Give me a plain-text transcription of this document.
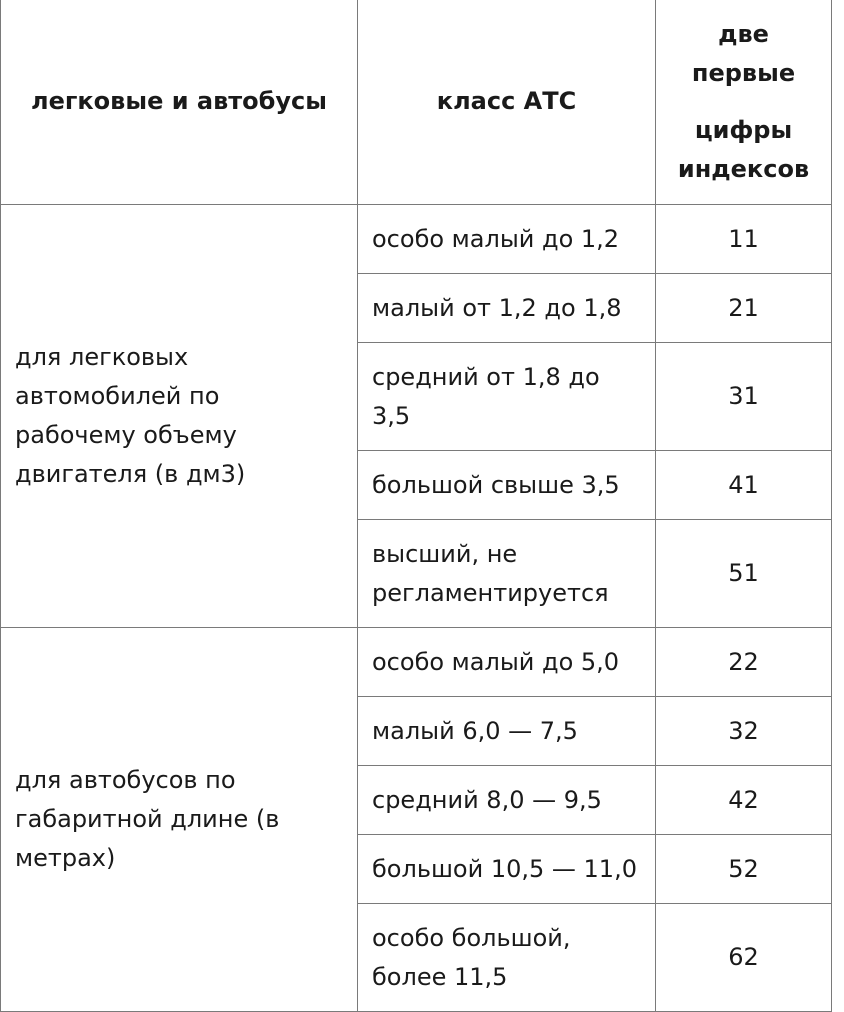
легковые и автобусы	класс АТС	две первые
цифры индексов

для легковых автомобилей по рабочему объему двигателя (в дм3)	особо малый до 1,2	11
	малый от 1,2 до 1,8	21
	средний от 1,8 до 3,5	31
	большой свыше 3,5	41
	высший, не регламентируется	51
для автобусов по габаритной длине (в метрах)	особо малый до 5,0	22
	малый 6,0 — 7,5	32
	средний 8,0 — 9,5	42
	большой 10,5 — 11,0	52
	особо большой, более 11,5	62
